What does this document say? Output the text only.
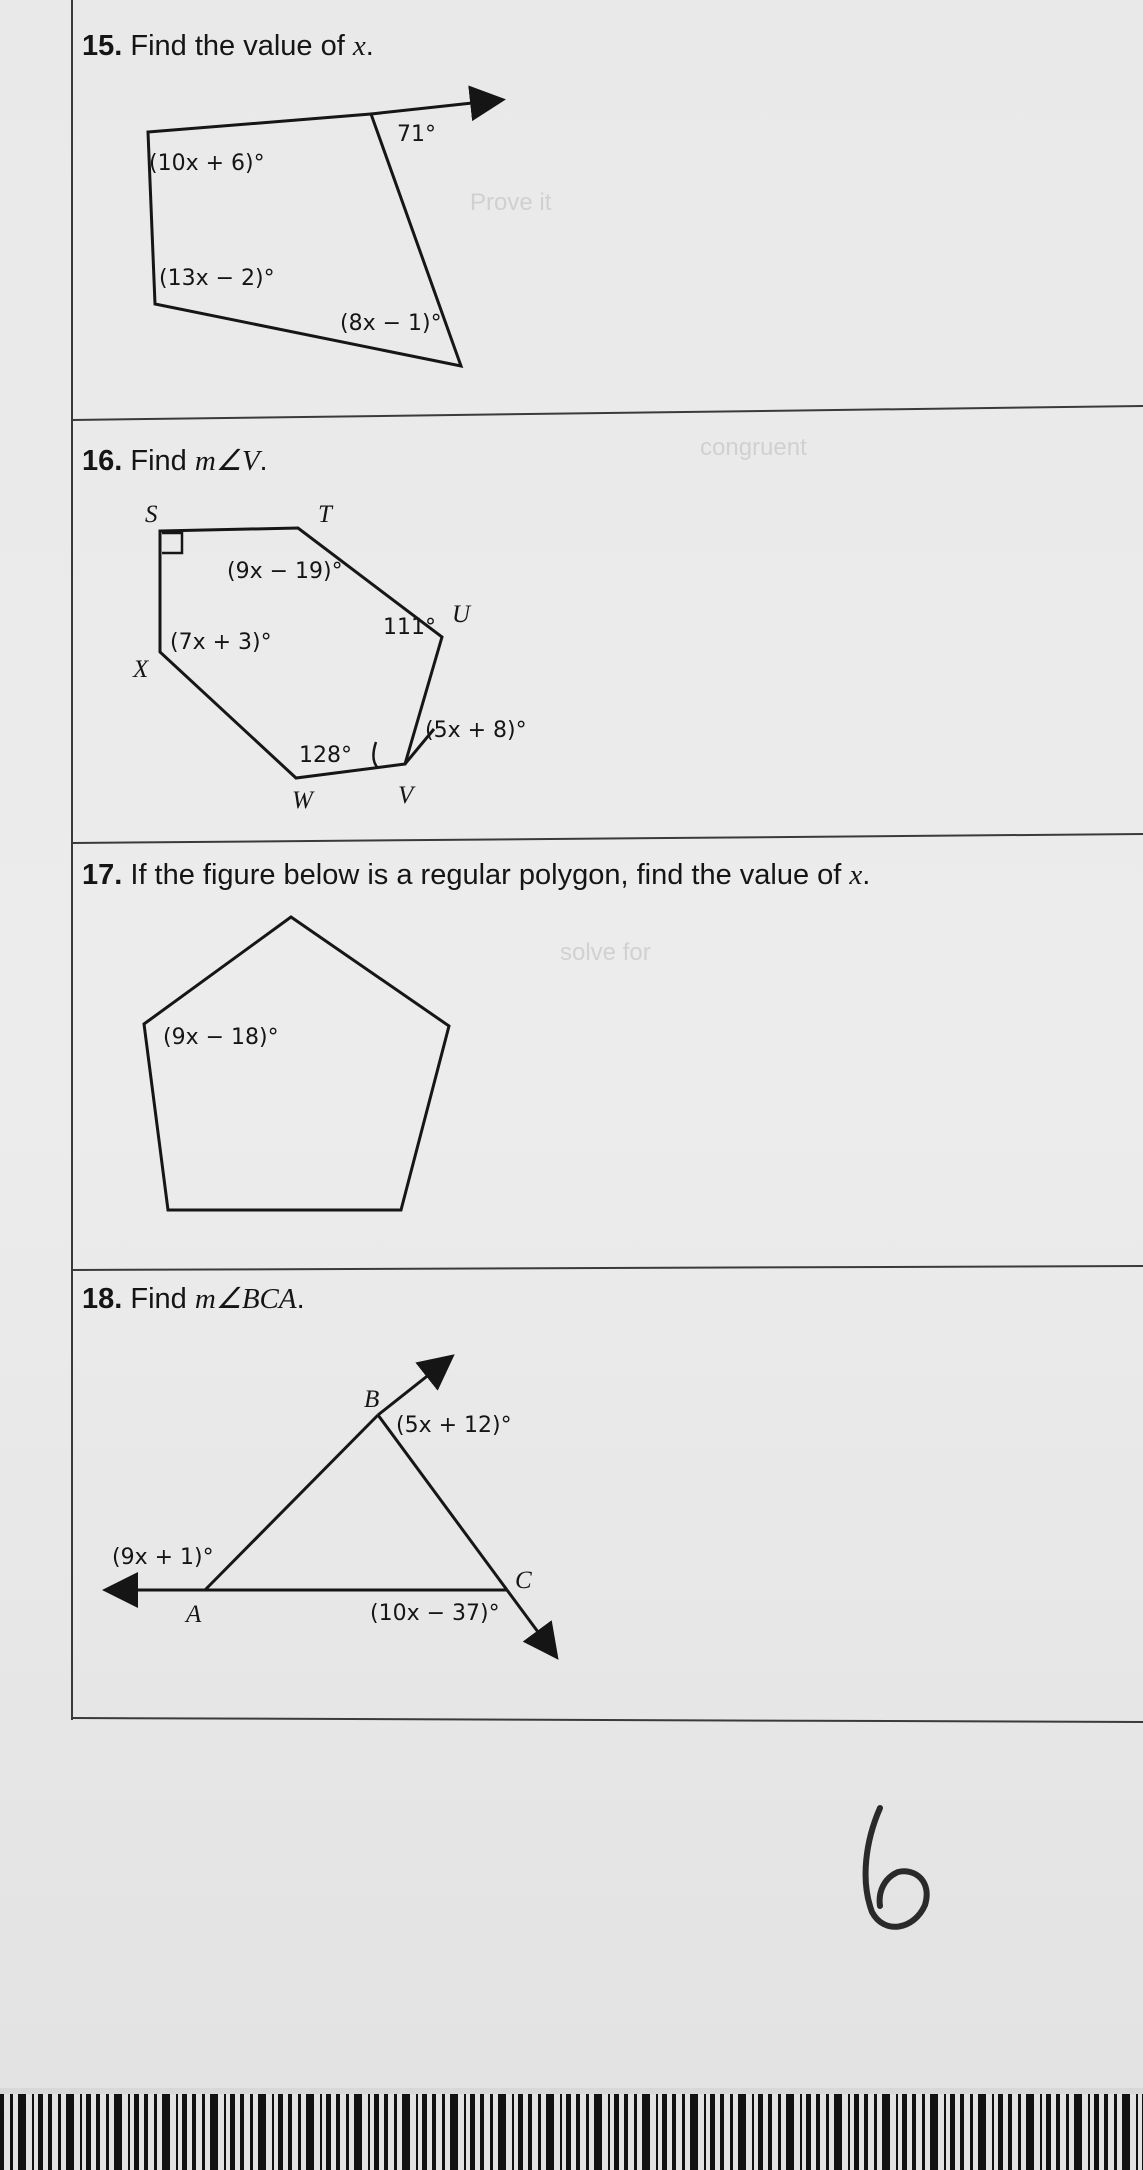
Prove it
congruent
solve for
15. Find the value of x.
71°
(10x + 6)°
(13x − 2)°
(8x − 1)°
16. Find m∠V.
S	T
U
V
W
X
(9x − 19)°
111°
(7x + 3)°
128°
(5x + 8)°
17. If the figure below is a regular polygon, find the value of x.
(9x − 18)°
18. Find m∠BCA.
B
A
C
(5x + 12)°
(9x + 1)°
(10x − 37)°
